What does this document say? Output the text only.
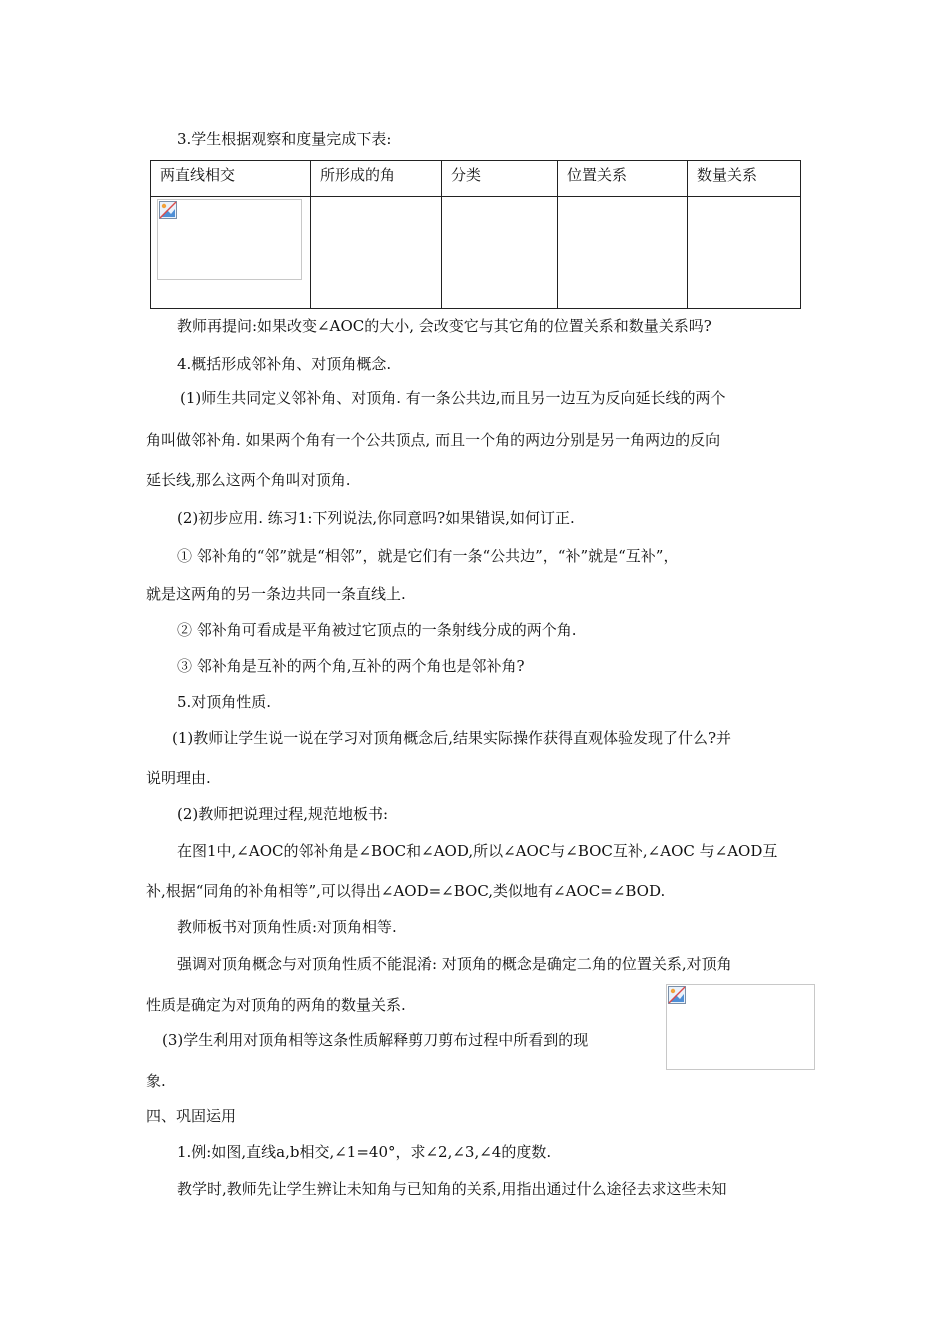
3.学生根据观察和度量完成下表:
两直线相交	所形成的角	分类	位置关系	数量关系

教师再提问:如果改变∠AOC的大小, 会改变它与其它角的位置关系和数量关系吗?
4.概括形成邻补角、对顶角概念.
(1)师生共同定义邻补角、对顶角. 有一条公共边,而且另一边互为反向延长线的两个
角叫做邻补角. 如果两个角有一个公共顶点, 而且一个角的两边分别是另一角两边的反向
延长线,那么这两个角叫对顶角.
(2)初步应用. 练习1:下列说法,你同意吗?如果错误,如何订正.
① 邻补角的“邻”就是“相邻”，就是它们有一条“公共边”，“补”就是“互补”，
就是这两角的另一条边共同一条直线上.
② 邻补角可看成是平角被过它顶点的一条射线分成的两个角.
③ 邻补角是互补的两个角,互补的两个角也是邻补角?
5.对顶角性质.
(1)教师让学生说一说在学习对顶角概念后,结果实际操作获得直观体验发现了什么?并
说明理由.
(2)教师把说理过程,规范地板书:
在图1中,∠AOC的邻补角是∠BOC和∠AOD,所以∠AOC与∠BOC互补,∠AOC 与∠AOD互
补,根据“同角的补角相等”,可以得出∠AOD=∠BOC,类似地有∠AOC=∠BOD.
教师板书对顶角性质:对顶角相等.
强调对顶角概念与对顶角性质不能混淆: 对顶角的概念是确定二角的位置关系,对顶角
性质是确定为对顶角的两角的数量关系.
(3)学生利用对顶角相等这条性质解释剪刀剪布过程中所看到的现
象.
四、巩固运用
1.例:如图,直线a,b相交,∠1=40°，求∠2,∠3,∠4的度数.
教学时,教师先让学生辨让未知角与已知角的关系,用指出通过什么途径去求这些未知
